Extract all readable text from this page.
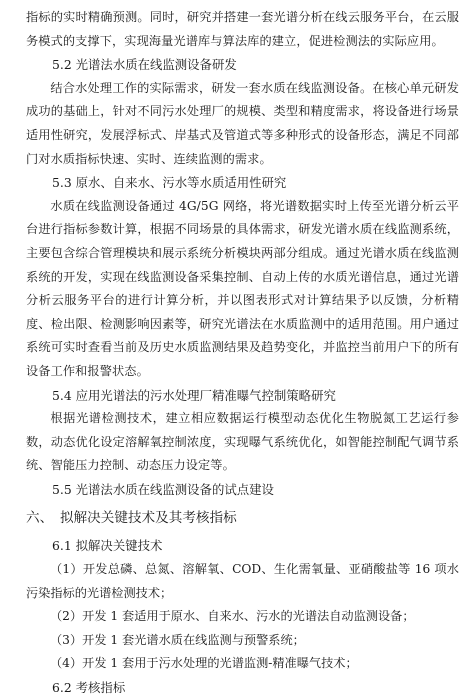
指标的实时精确预测。同时，研究并搭建一套光谱分析在线云服务平台，在云服务模式的支撑下，实现海量光谱库与算法库的建立，促进检测法的实际应用。

5.2 光谱法水质在线监测设备研发

结合水处理工作的实际需求，研发一套水质在线监测设备。在核心单元研发成功的基础上，针对不同污水处理厂的规模、类型和精度需求，将设备进行场景适用性研究，发展浮标式、岸基式及管道式等多种形式的设备形态，满足不同部门对水质指标快速、实时、连续监测的需求。

5.3 原水、自来水、污水等水质适用性研究

水质在线监测设备通过 4G/5G 网络，将光谱数据实时上传至光谱分析云平台进行指标参数计算，根据不同场景的具体需求，研发光谱水质在线监测系统，主要包含综合管理模块和展示系统分析模块两部分组成。通过光谱水质在线监测系统的开发，实现在线监测设备采集控制、自动上传的水质光谱信息，通过光谱分析云服务平台的进行计算分析，并以图表形式对计算结果予以反馈，分析精度、检出限、检测影响因素等，研究光谱法在水质监测中的适用范围。用户通过系统可实时查看当前及历史水质监测结果及趋势变化，并监控当前用户下的所有设备工作和报警状态。

5.4 应用光谱法的污水处理厂精准曝气控制策略研究

根据光谱检测技术，建立相应数据运行模型动态优化生物脱氮工艺运行参数，动态优化设定溶解氧控制浓度，实现曝气系统优化，如智能控制配气调节系统、智能压力控制、动态压力设定等。

5.5 光谱法水质在线监测设备的试点建设

六、 拟解决关键技术及其考核指标

6.1 拟解决关键技术

（1）开发总磷、总氮、溶解氧、COD、生化需氧量、亚硝酸盐等 16 项水污染指标的光谱检测技术；

（2）开发 1 套适用于原水、自来水、污水的光谱法自动监测设备；

（3）开发 1 套光谱水质在线监测与预警系统；

（4）开发 1 套用于污水处理的光谱监测-精准曝气技术；

6.2 考核指标
